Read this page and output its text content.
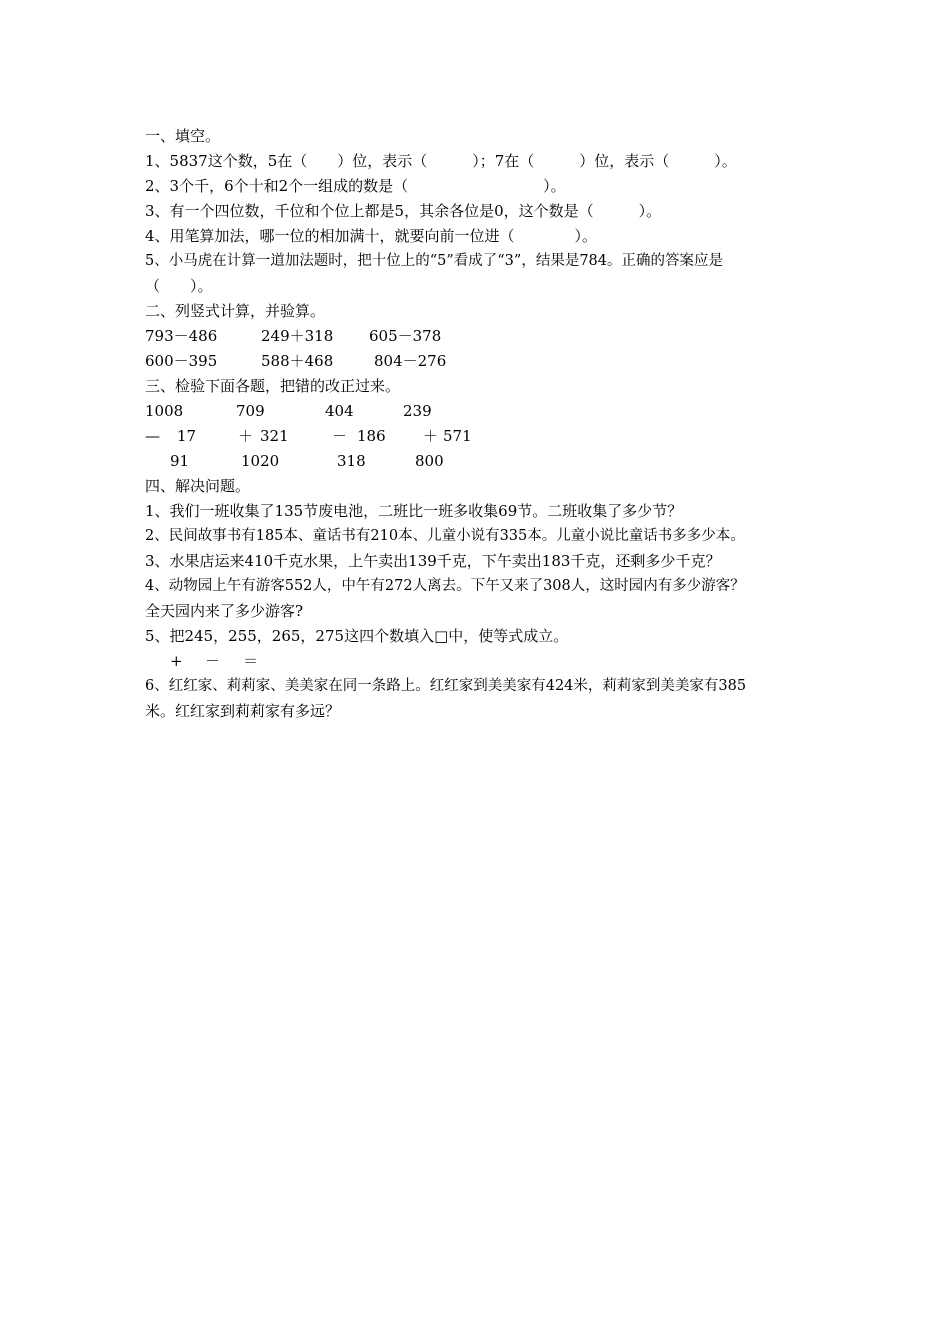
一、填空。
1、5837这个数，5在（　　）位，表示（　　　）；7在（　　　）位，表示（　　　）。
2、3个千，6个十和2个一组成的数是（　　　　　　　　　）。
3、有一个四位数，千位和个位上都是5，其余各位是0，这个数是（　　　）。
4、用笔算加法，哪一位的相加满十，就要向前一位进（　　　　）。
5、小马虎在计算一道加法题时，把十位上的“5”看成了“3”，结果是784。正确的答案应是
（　　）。
二、列竖式计算，并验算。
793－486	249＋318 605－378
600－395	588＋468	804－276
三、检验下面各题，把错的改正过来。
1008	709	404	239
— 17	＋ 321	－ 186 ＋ 571
91	1020	318	800
四、解决问题。
1、我们一班收集了135节废电池，二班比一班多收集69节。二班收集了多少节？
2、民间故事书有185本、童话书有210本、儿童小说有335本。儿童小说比童话书多多少本。
3、水果店运来410千克水果，上午卖出139千克，下午卖出183千克，还剩多少千克？
4、动物园上午有游客552人，中午有272人离去。下午又来了308人，这时园内有多少游客？
全天园内来了多少游客?
5、把245，255，265，275这四个数填入□中，使等式成立。
+ － ＝
6、红红家、莉莉家、美美家在同一条路上。红红家到美美家有424米，莉莉家到美美家有385
米。红红家到莉莉家有多远？
